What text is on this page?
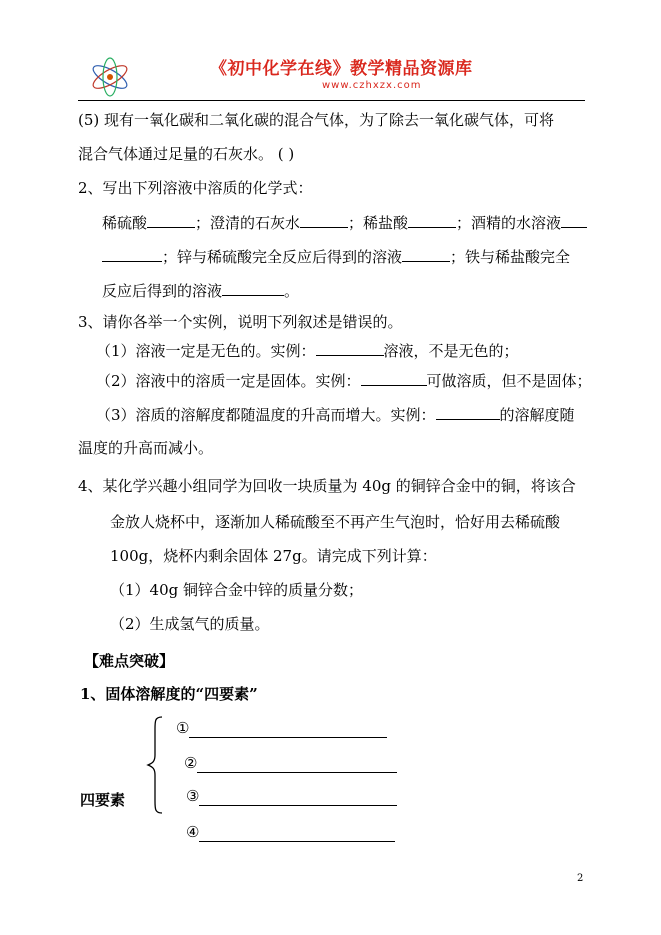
《初中化学在线》教学精品资源库
www.czhxzx.com
(5) 现有一氧化碳和二氧化碳的混合气体，为了除去一氧化碳气体，可将
混合气体通过足量的石灰水。 ( )
2、写出下列溶液中溶质的化学式：
稀硫酸	；澄清的石灰水	；稀盐酸	；酒精的水溶液
；锌与稀硫酸完全反应后得到的溶液	；铁与稀盐酸完全
反应后得到的溶液	。
3、请你各举一个实例，说明下列叙述是错误的。
（1）溶液一定是无色的。实例：	溶液，不是无色的；
（2）溶液中的溶质一定是固体。实例：	可做溶质，但不是固体；
（3）溶质的溶解度都随温度的升高而增大。实例：	的溶解度随
温度的升高而减小。
4、某化学兴趣小组同学为回收一块质量为 40g 的铜锌合金中的铜，将该合
金放人烧杯中，逐渐加人稀硫酸至不再产生气泡时，恰好用去稀硫酸
100g，烧杯内剩余固体 27g。请完成下列计算：
（1）40g 铜锌合金中锌的质量分数；
（2）生成氢气的质量。
【难点突破】
1、固体溶解度的“四要素”
四要素
①
②
③
④
2
